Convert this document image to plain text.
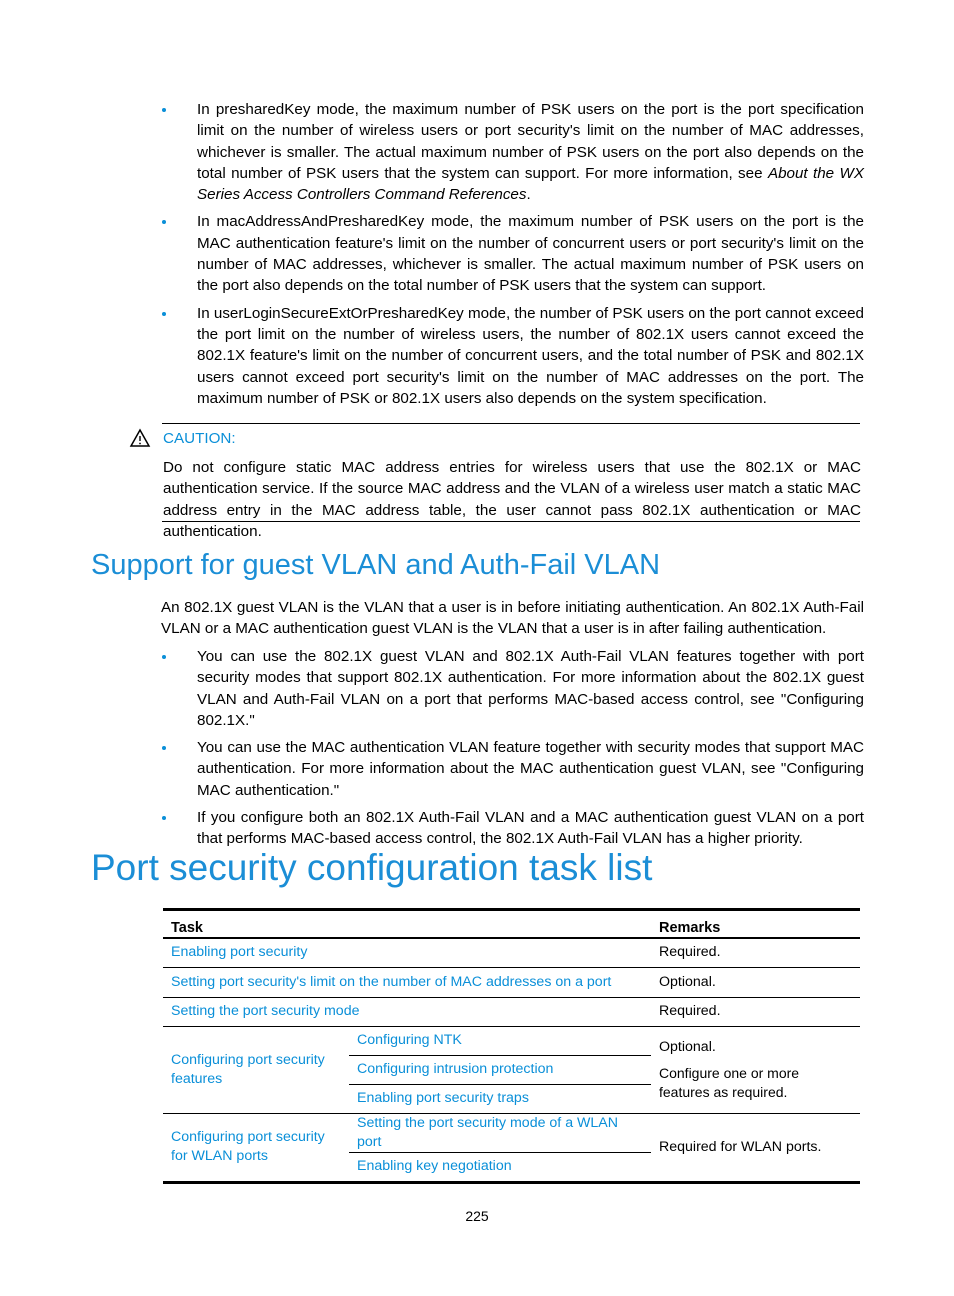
In presharedKey mode, the maximum number of PSK users on the port is the port specification limit on the number of wireless users or port security's limit on the number of MAC addresses, whichever is smaller. The actual maximum number of PSK users on the port also depends on the total number of PSK users that the system can support. For more information, see About the WX Series Access Controllers Command References.
In macAddressAndPresharedKey mode, the maximum number of PSK users on the port is the MAC authentication feature's limit on the number of concurrent users or port security's limit on the number of MAC addresses, whichever is smaller. The actual maximum number of PSK users on the port also depends on the total number of PSK users that the system can support.
In userLoginSecureExtOrPresharedKey mode, the number of PSK users on the port cannot exceed the port limit on the number of wireless users, the number of 802.1X users cannot exceed the 802.1X feature's limit on the number of concurrent users, and the total number of PSK and 802.1X users cannot exceed port security's limit on the number of MAC addresses on the port. The maximum number of PSK or 802.1X users also depends on the system specification.
CAUTION:
Do not configure static MAC address entries for wireless users that use the 802.1X or MAC authentication service. If the source MAC address and the VLAN of a wireless user match a static MAC address entry in the MAC address table, the user cannot pass 802.1X authentication or MAC authentication.
Support for guest VLAN and Auth-Fail VLAN
An 802.1X guest VLAN is the VLAN that a user is in before initiating authentication. An 802.1X Auth-Fail VLAN or a MAC authentication guest VLAN is the VLAN that a user is in after failing authentication.
You can use the 802.1X guest VLAN and 802.1X Auth-Fail VLAN features together with port security modes that support 802.1X authentication. For more information about the 802.1X guest VLAN and Auth-Fail VLAN on a port that performs MAC-based access control, see "Configuring 802.1X."
You can use the MAC authentication VLAN feature together with security modes that support MAC authentication. For more information about the MAC authentication guest VLAN, see "Configuring MAC authentication."
If you configure both an 802.1X Auth-Fail VLAN and a MAC authentication guest VLAN on a port that performs MAC-based access control, the 802.1X Auth-Fail VLAN has a higher priority.
Port security configuration task list
Task		Remarks
Enabling port security		Required.
Setting port security's limit on the number of MAC addresses on a port		Optional.
Setting the port security mode		Required.
Configuring port security features	Configuring NTK	Optional.
Configure one or more features as required.

	Configuring intrusion protection	
	Enabling port security traps	
Configuring port security for WLAN ports	Setting the port security mode of a WLAN port	Required for WLAN ports.
	Enabling key negotiation	
225
